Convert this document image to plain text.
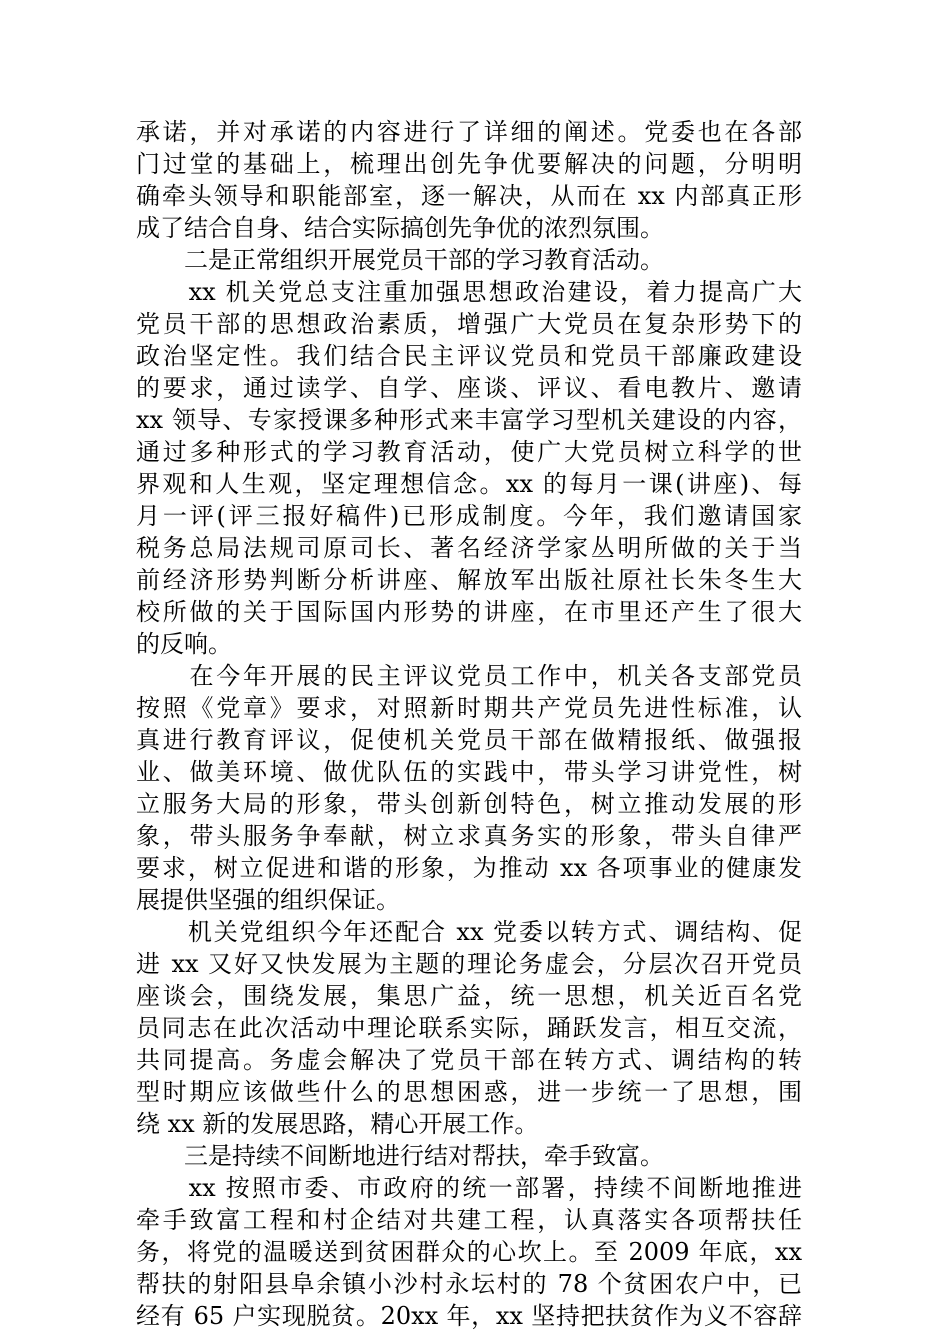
承诺，并对承诺的内容进行了详细的阐述。党委也在各部
门过堂的基础上，梳理出创先争优要解决的问题，分明明
确牵头领导和职能部室，逐一解决，从而在 xx 内部真正形
成了结合自身、结合实际搞创先争优的浓烈氛围。
　　二是正常组织开展党员干部的学习教育活动。
　　xx 机关党总支注重加强思想政治建设，着力提高广大
党员干部的思想政治素质，增强广大党员在复杂形势下的
政治坚定性。我们结合民主评议党员和党员干部廉政建设
的要求，通过读学、自学、座谈、评议、看电教片、邀请
xx 领导、专家授课多种形式来丰富学习型机关建设的内容，
通过多种形式的学习教育活动，使广大党员树立科学的世
界观和人生观，坚定理想信念。xx 的每月一课(讲座)、每
月一评(评三报好稿件)已形成制度。今年，我们邀请国家
税务总局法规司原司长、著名经济学家丛明所做的关于当
前经济形势判断分析讲座、解放军出版社原社长朱冬生大
校所做的关于国际国内形势的讲座，在市里还产生了很大
的反响。
　　在今年开展的民主评议党员工作中，机关各支部党员
按照《党章》要求，对照新时期共产党员先进性标准，认
真进行教育评议，促使机关党员干部在做精报纸、做强报
业、做美环境、做优队伍的实践中，带头学习讲党性，树
立服务大局的形象，带头创新创特色，树立推动发展的形
象，带头服务争奉献，树立求真务实的形象，带头自律严
要求，树立促进和谐的形象，为推动 xx 各项事业的健康发
展提供坚强的组织保证。
　　机关党组织今年还配合 xx 党委以转方式、调结构、促
进 xx 又好又快发展为主题的理论务虚会，分层次召开党员
座谈会，围绕发展，集思广益，统一思想，机关近百名党
员同志在此次活动中理论联系实际，踊跃发言，相互交流，
共同提高。务虚会解决了党员干部在转方式、调结构的转
型时期应该做些什么的思想困惑，进一步统一了思想，围
绕 xx 新的发展思路，精心开展工作。
　　三是持续不间断地进行结对帮扶，牵手致富。
　　xx 按照市委、市政府的统一部署，持续不间断地推进
牵手致富工程和村企结对共建工程，认真落实各项帮扶任
务，将党的温暖送到贫困群众的心坎上。至 2009 年底，xx
帮扶的射阳县阜余镇小沙村永坛村的 78 个贫困农户中，已
经有 65 户实现脱贫。20xx 年，xx 坚持把扶贫作为义不容辞
